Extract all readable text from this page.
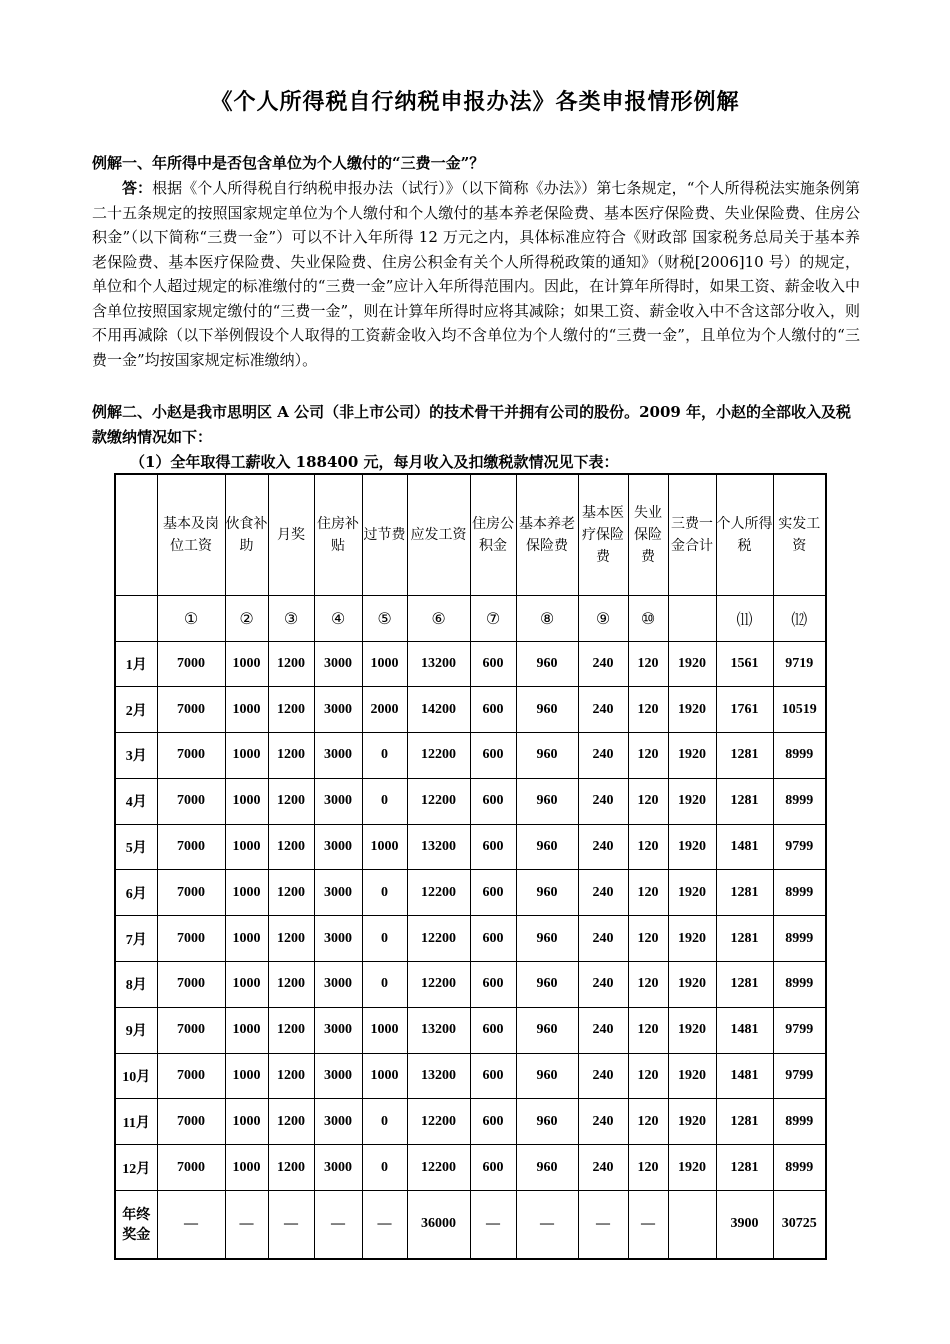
《个人所得税自行纳税申报办法》各类申报情形例解
例解一、年所得中是否包含单位为个人缴付的“三费一金”？
答：根据《个人所得税自行纳税申报办法（试行）》（以下简称《办法》）第七条规定，“个人所得税法实施条例第二十五条规定的按照国家规定单位为个人缴付和个人缴付的基本养老保险费、基本医疗保险费、失业保险费、住房公积金”（以下简称“三费一金”）可以不计入年所得 12 万元之内，具体标准应符合《财政部 国家税务总局关于基本养老保险费、基本医疗保险费、失业保险费、住房公积金有关个人所得税政策的通知》（财税[2006]10 号）的规定，单位和个人超过规定的标准缴付的“三费一金”应计入年所得范围内。因此，在计算年所得时，如果工资、薪金收入中含单位按照国家规定缴付的“三费一金”，则在计算年所得时应将其减除；如果工资、薪金收入中不含这部分收入，则不用再减除（以下举例假设个人取得的工资薪金收入均不含单位为个人缴付的“三费一金”，且单位为个人缴付的“三费一金”均按国家规定标准缴纳）。
例解二、小赵是我市思明区 A 公司（非上市公司）的技术骨干并拥有公司的股份。2009 年，小赵的全部收入及税款缴纳情况如下：
（1）全年取得工薪收入 188400 元，每月收入及扣缴税款情况见下表：
	基本及岗位工资	伙食补助	月奖	住房补贴	过节费	应发工资	住房公积金	基本养老保险费	基本医疗保险费	失业保险费	三费一金合计	个人所得税	实发工资
	①	②	③	④	⑤	⑥	⑦	⑧	⑨	⑩		⑾	⑿
1月	7000	1000	1200	3000	1000	13200	600	960	240	120	1920	1561	9719
2月	7000	1000	1200	3000	2000	14200	600	960	240	120	1920	1761	10519
3月	7000	1000	1200	3000	0	12200	600	960	240	120	1920	1281	8999
4月	7000	1000	1200	3000	0	12200	600	960	240	120	1920	1281	8999
5月	7000	1000	1200	3000	1000	13200	600	960	240	120	1920	1481	9799
6月	7000	1000	1200	3000	0	12200	600	960	240	120	1920	1281	8999
7月	7000	1000	1200	3000	0	12200	600	960	240	120	1920	1281	8999
8月	7000	1000	1200	3000	0	12200	600	960	240	120	1920	1281	8999
9月	7000	1000	1200	3000	1000	13200	600	960	240	120	1920	1481	9799
10月	7000	1000	1200	3000	1000	13200	600	960	240	120	1920	1481	9799
11月	7000	1000	1200	3000	0	12200	600	960	240	120	1920	1281	8999
12月	7000	1000	1200	3000	0	12200	600	960	240	120	1920	1281	8999
年终奖金	—	—	—	—	—	36000	—	—	—	—		3900	30725
